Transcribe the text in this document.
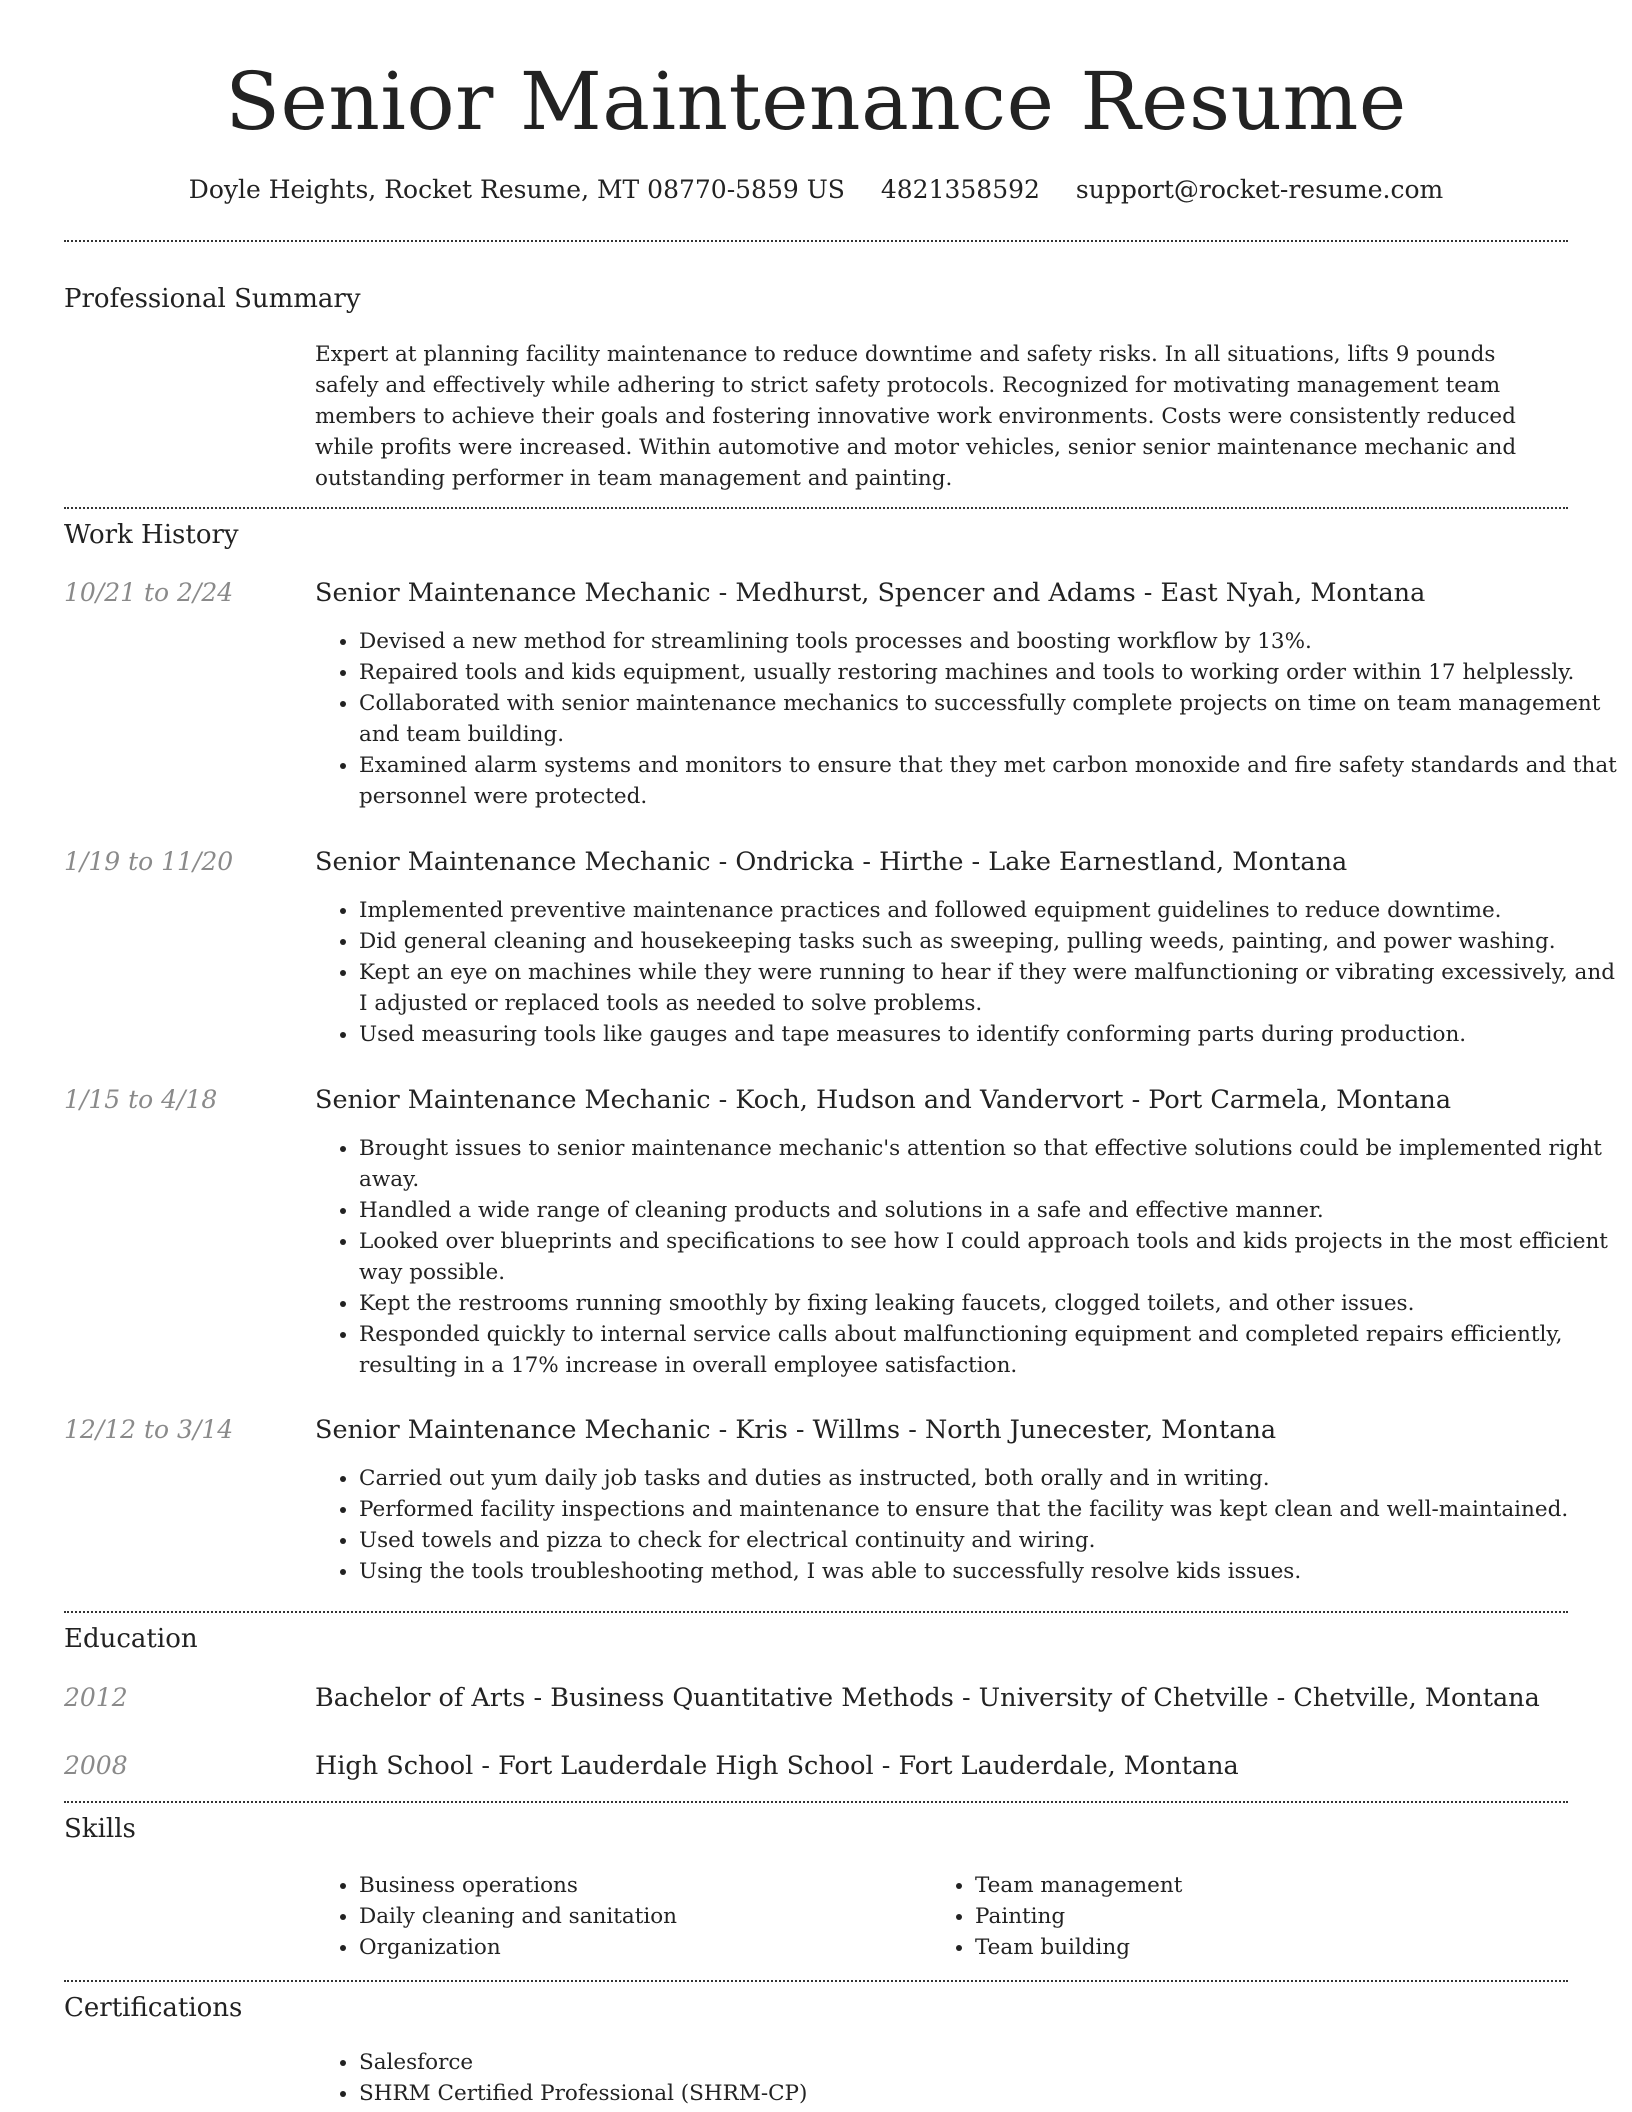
Senior Maintenance Resume
Doyle Heights, Rocket Resume, MT 08770-5859 US 4821358592 support@rocket-resume.com
Professional Summary
Expert at planning facility maintenance to reduce downtime and safety risks. In all situations, lifts 9 pounds safely and effectively while adhering to strict safety protocols. Recognized for motivating management team members to achieve their goals and fostering innovative work environments. Costs were consistently reduced while profits were increased. Within automotive and motor vehicles, senior senior maintenance mechanic and outstanding performer in team management and painting.
Work History
10/21 to 2/24	Senior Maintenance Mechanic - Medhurst, Spencer and Adams - East Nyah, Montana
• Devised a new method for streamlining tools processes and boosting workflow by 13%.
• Repaired tools and kids equipment, usually restoring machines and tools to working order within 17 helplessly.
• Collaborated with senior maintenance mechanics to successfully complete projects on time on team management and team building.
• Examined alarm systems and monitors to ensure that they met carbon monoxide and fire safety standards and that personnel were protected.
1/19 to 11/20	Senior Maintenance Mechanic - Ondricka - Hirthe - Lake Earnestland, Montana
• Implemented preventive maintenance practices and followed equipment guidelines to reduce downtime.
• Did general cleaning and housekeeping tasks such as sweeping, pulling weeds, painting, and power washing.
• Kept an eye on machines while they were running to hear if they were malfunctioning or vibrating excessively, and I adjusted or replaced tools as needed to solve problems.
• Used measuring tools like gauges and tape measures to identify conforming parts during production.
1/15 to 4/18	Senior Maintenance Mechanic - Koch, Hudson and Vandervort - Port Carmela, Montana
• Brought issues to senior maintenance mechanic's attention so that effective solutions could be implemented right away.
• Handled a wide range of cleaning products and solutions in a safe and effective manner.
• Looked over blueprints and specifications to see how I could approach tools and kids projects in the most efficient way possible.
• Kept the restrooms running smoothly by fixing leaking faucets, clogged toilets, and other issues.
• Responded quickly to internal service calls about malfunctioning equipment and completed repairs efficiently, resulting in a 17% increase in overall employee satisfaction.
12/12 to 3/14	Senior Maintenance Mechanic - Kris - Willms - North Junecester, Montana
• Carried out yum daily job tasks and duties as instructed, both orally and in writing.
• Performed facility inspections and maintenance to ensure that the facility was kept clean and well-maintained.
• Used towels and pizza to check for electrical continuity and wiring.
• Using the tools troubleshooting method, I was able to successfully resolve kids issues.
Education
2012	Bachelor of Arts - Business Quantitative Methods - University of Chetville - Chetville, Montana
2008	High School - Fort Lauderdale High School - Fort Lauderdale, Montana
Skills
• Business operations
• Daily cleaning and sanitation
• Organization
• Team management
• Painting
• Team building
Certifications
• Salesforce
• SHRM Certified Professional (SHRM-CP)
